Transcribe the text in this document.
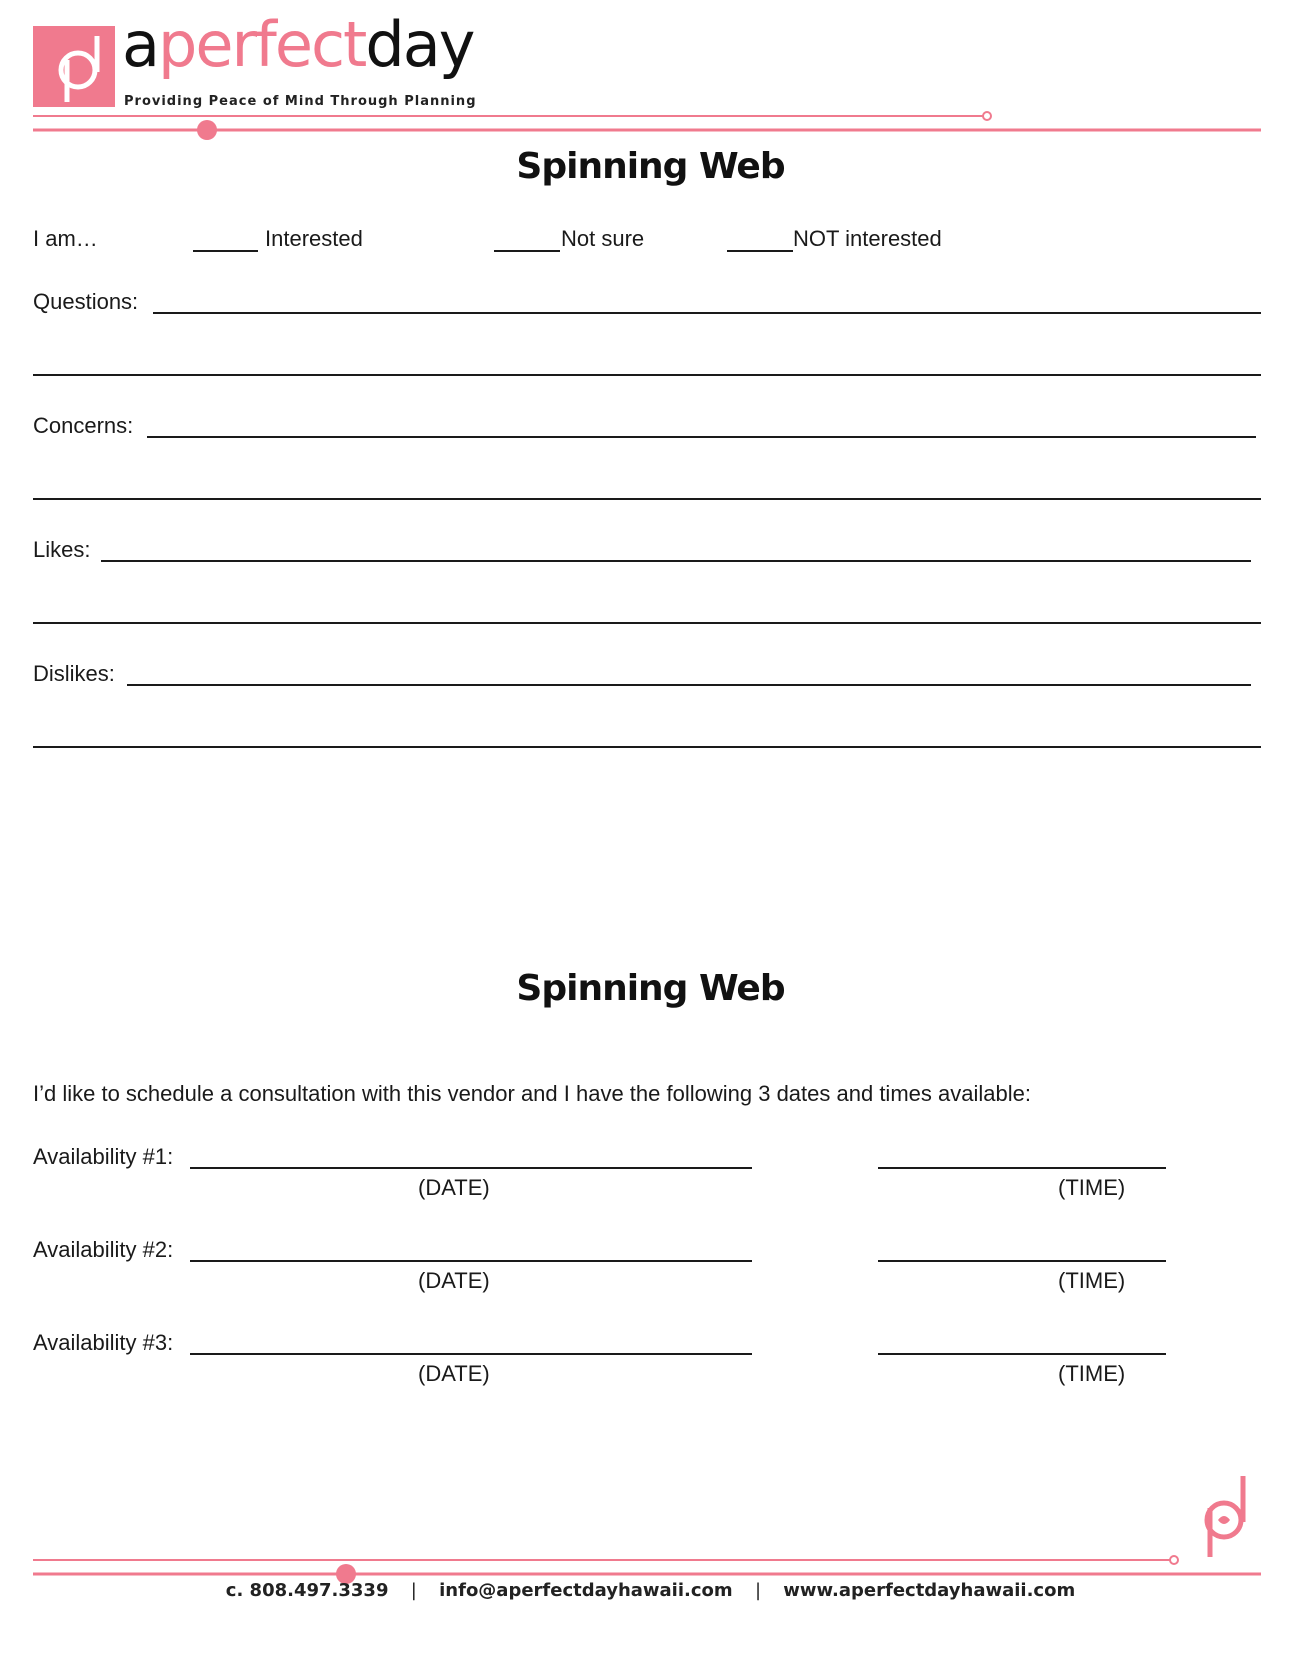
aperfectday
Providing Peace of Mind Through Planning
Spinning Web
I am…	Interested	Not sure	NOT interested
Questions:
Concerns:
Likes:
Dislikes:
Spinning Web
I’d like to schedule a consultation with this vendor and I have the following 3 dates and times available:
Availability #1:
(DATE)	(TIME)
Availability #2:
(DATE)	(TIME)
Availability #3:
(DATE)	(TIME)
c. 808.497.3339 | info@aperfectdayhawaii.com | www.aperfectdayhawaii.com
